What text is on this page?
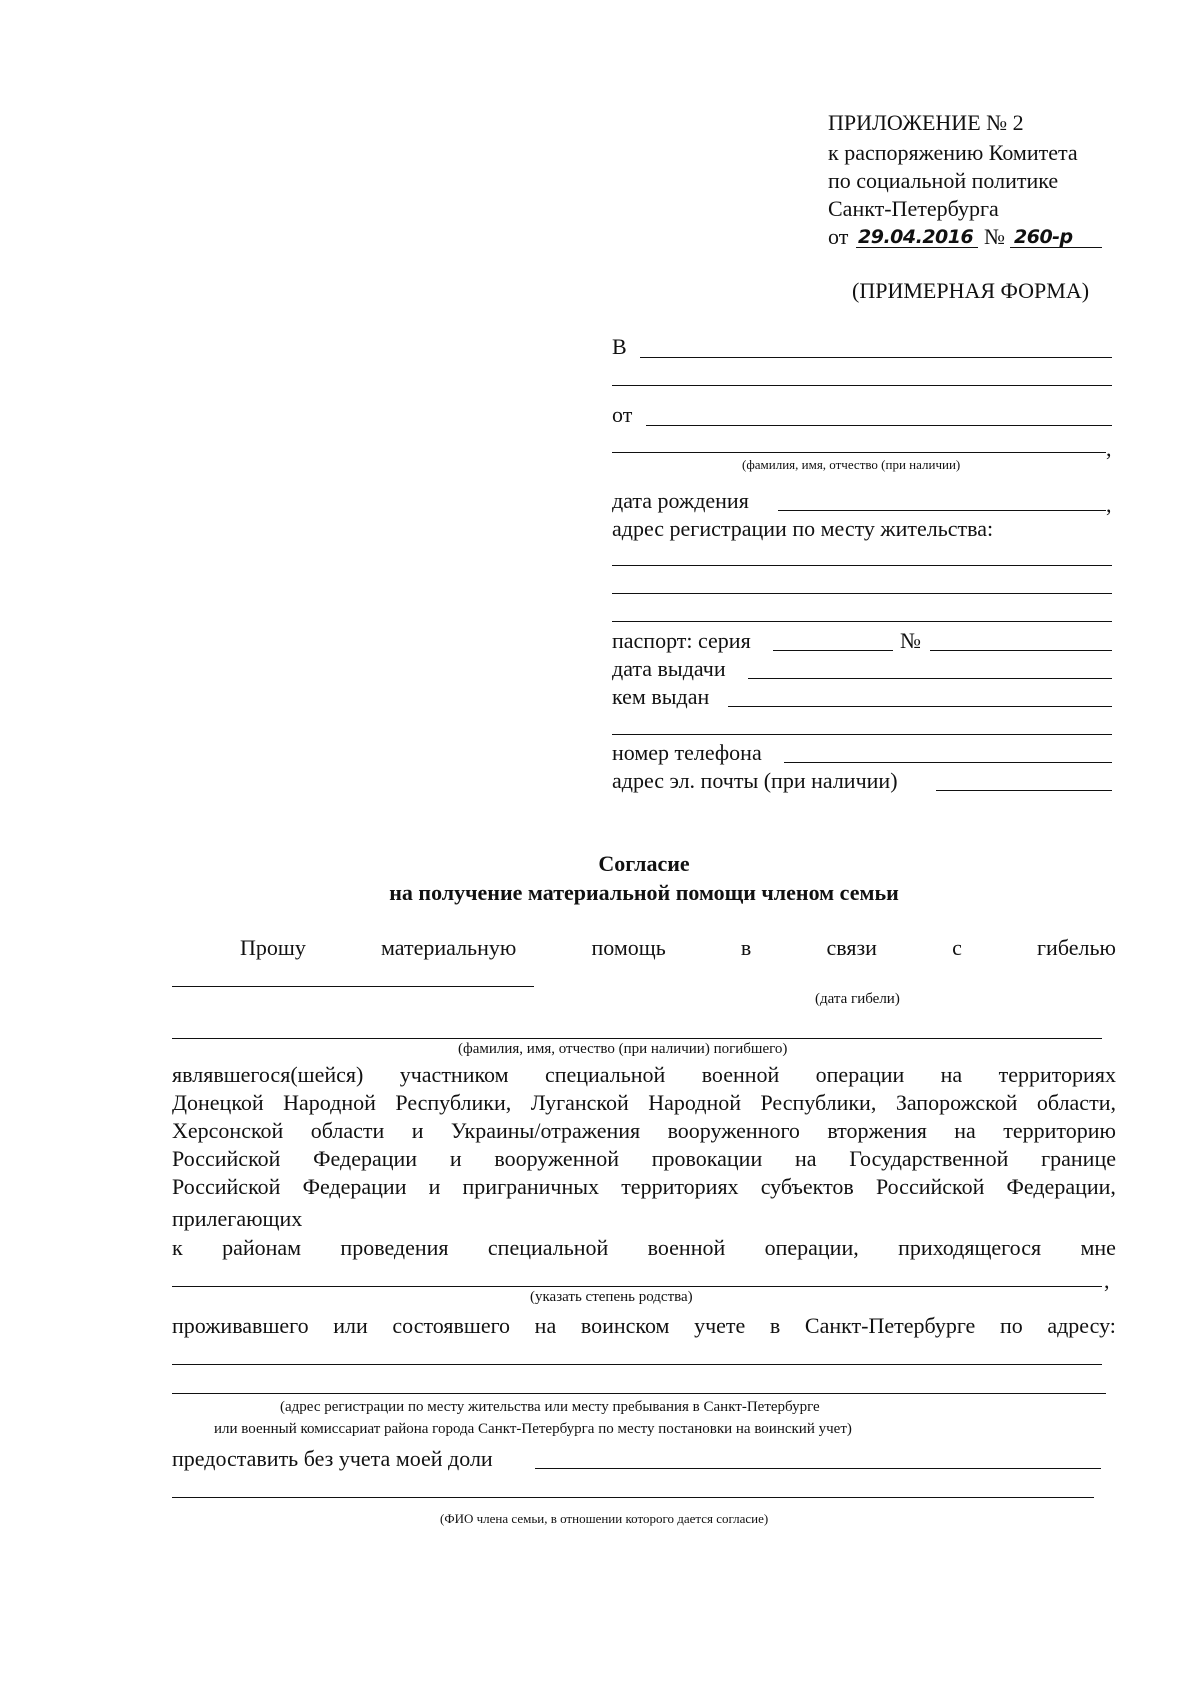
ПРИЛОЖЕНИЕ № 2
к распоряжению Комитета
по социальной политике
Санкт-Петербурга
от 29.04.2016 № 260-р
(ПРИМЕРНАЯ ФОРМА)
В
от
,
(фамилия, имя, отчество (при наличии)
дата рождения	,
адрес регистрации по месту жительства:
паспорт: серия	№
дата выдачи
кем выдан
номер телефона
адрес эл. почты (при наличии)
Согласие
на получение материальной помощи членом семьи
Прошу	материальную	помощь	в	связи	с	гибелью
(дата гибели)
(фамилия, имя, отчество (при наличии) погибшего)
являвшегося(шейся) участником специальной военной операции на территориях
Донецкой Народной Республики, Луганской Народной Республики, Запорожской области,
Херсонской области и Украины/отражения вооруженного вторжения на территорию
Российской Федерации и вооруженной провокации на Государственной границе
Российской Федерации и приграничных территориях субъектов Российской Федерации,
прилегающих
к районам проведения специальной военной операции, приходящегося мне
,
(указать степень родства)
проживавшего или состоявшего на воинском учете в Санкт-Петербурге по адресу:
(адрес регистрации по месту жительства или месту пребывания в Санкт-Петербурге
или военный комиссариат района города Санкт-Петербурга по месту постановки на воинский учет)
предоставить без учета моей доли
(ФИО члена семьи, в отношении которого дается согласие)
